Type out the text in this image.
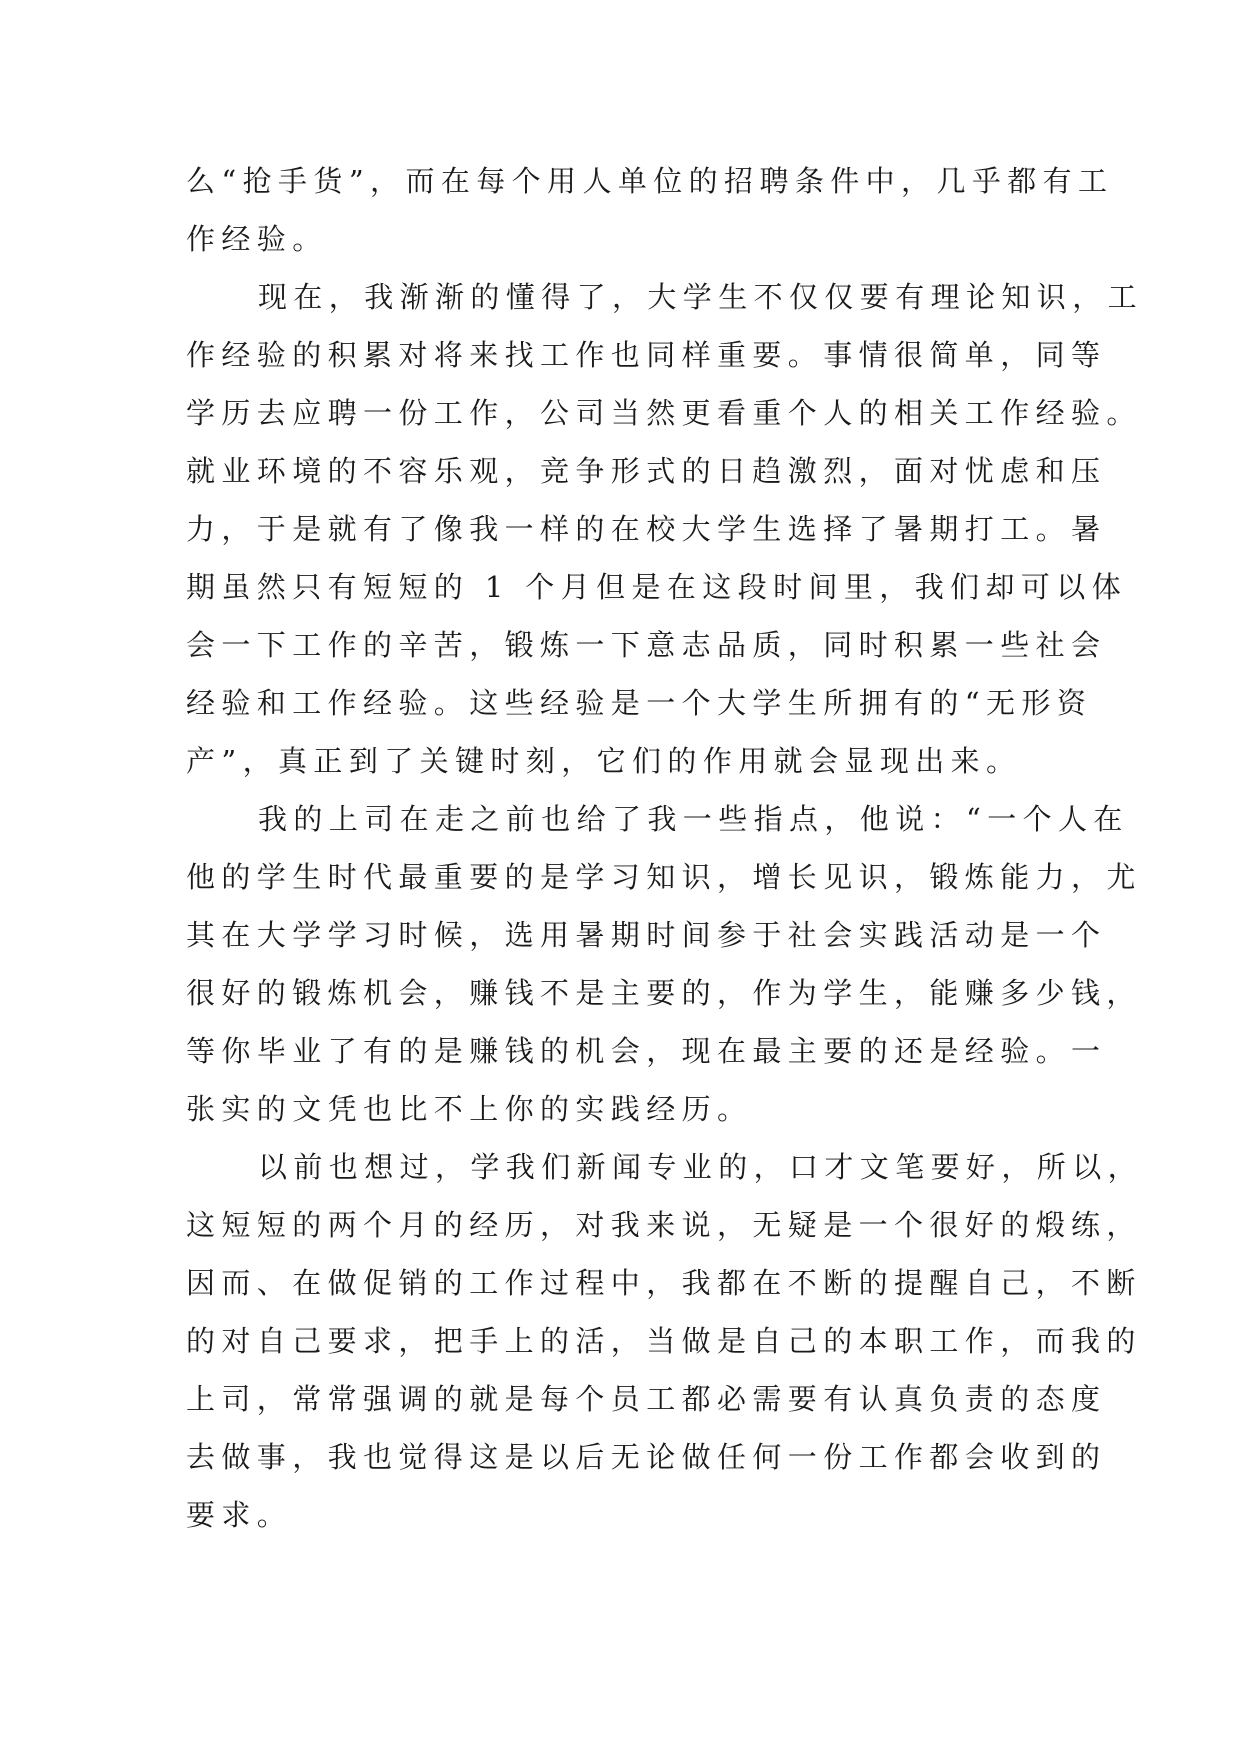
么“抢手货”，而在每个用人单位的招聘条件中，几乎都有工
作经验。
现在，我渐渐的懂得了，大学生不仅仅要有理论知识，工
作经验的积累对将来找工作也同样重要。事情很简单，同等
学历去应聘一份工作，公司当然更看重个人的相关工作经验。
就业环境的不容乐观，竞争形式的日趋激烈，面对忧虑和压
力，于是就有了像我一样的在校大学生选择了暑期打工。暑
期虽然只有短短的 1 个月但是在这段时间里，我们却可以体
会一下工作的辛苦，锻炼一下意志品质，同时积累一些社会
经验和工作经验。这些经验是一个大学生所拥有的“无形资
产”，真正到了关键时刻，它们的作用就会显现出来。
我的上司在走之前也给了我一些指点，他说：“一个人在
他的学生时代最重要的是学习知识，增长见识，锻炼能力，尤
其在大学学习时候，选用暑期时间参于社会实践活动是一个
很好的锻炼机会，赚钱不是主要的，作为学生，能赚多少钱，
等你毕业了有的是赚钱的机会，现在最主要的还是经验。一
张实的文凭也比不上你的实践经历。
以前也想过，学我们新闻专业的，口才文笔要好，所以，
这短短的两个月的经历，对我来说，无疑是一个很好的煅练，
因而、在做促销的工作过程中，我都在不断的提醒自己，不断
的对自己要求，把手上的活，当做是自己的本职工作，而我的
上司，常常强调的就是每个员工都必需要有认真负责的态度
去做事，我也觉得这是以后无论做任何一份工作都会收到的
要求。
